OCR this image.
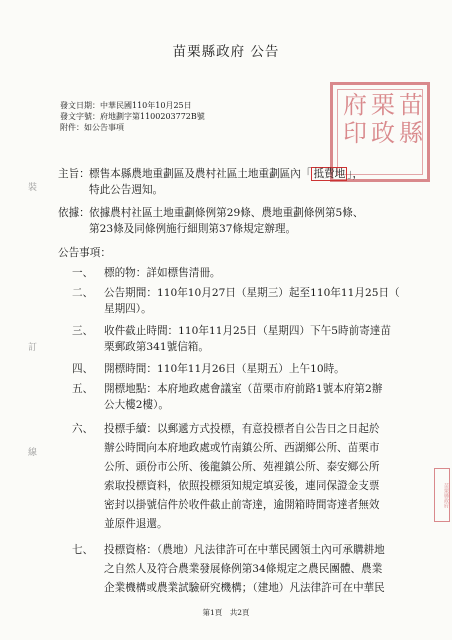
苗栗縣政府 公告
發文日期：中華民國110年10月25日
發文字號：府地劃字第1100203772B號
附件：如公告事項
苗
縣
栗
政
府
印
苗栗縣政府
裝
訂
線
主旨： 標售本縣農地重劃區及農村社區土地重劃區內「 抵費地 」，
特此公告週知。
依據： 依據農村社區土地重劃條例第29條、農地重劃條例第5條、
第23條及同條例施行細則第37條規定辦理。
公告事項：
一、 標的物：詳如標售清冊。
二、 公告期間：110年10月27日（星期三）起至110年11月25日（
星期四）。
三、 收件截止時間：110年11月25日（星期四）下午5時前寄達苗
栗郵政第341號信箱。
四、 開標時間：110年11月26日（星期五）上午10時。
五、 開標地點：本府地政處會議室（苗栗市府前路1號本府第2辦
公大樓2樓）。
六、 投標手續：以郵遞方式投標，有意投標者自公告日之日起於
辦公時間向本府地政處或竹南鎮公所、西湖鄉公所、苗栗市
公所、頭份市公所、後龍鎮公所、苑裡鎮公所、泰安鄉公所
索取投標資料，依照投標須知規定填妥後，連同保證金支票
密封以掛號信件於收件截止前寄達，逾開箱時間寄達者無效
並原件退還。
七、 投標資格：（農地）凡法律許可在中華民國領土內可承購耕地
之自然人及符合農業發展條例第34條規定之農民團體、農業
企業機構或農業試驗研究機構；（建地）凡法律許可在中華民
第1頁　共2頁
